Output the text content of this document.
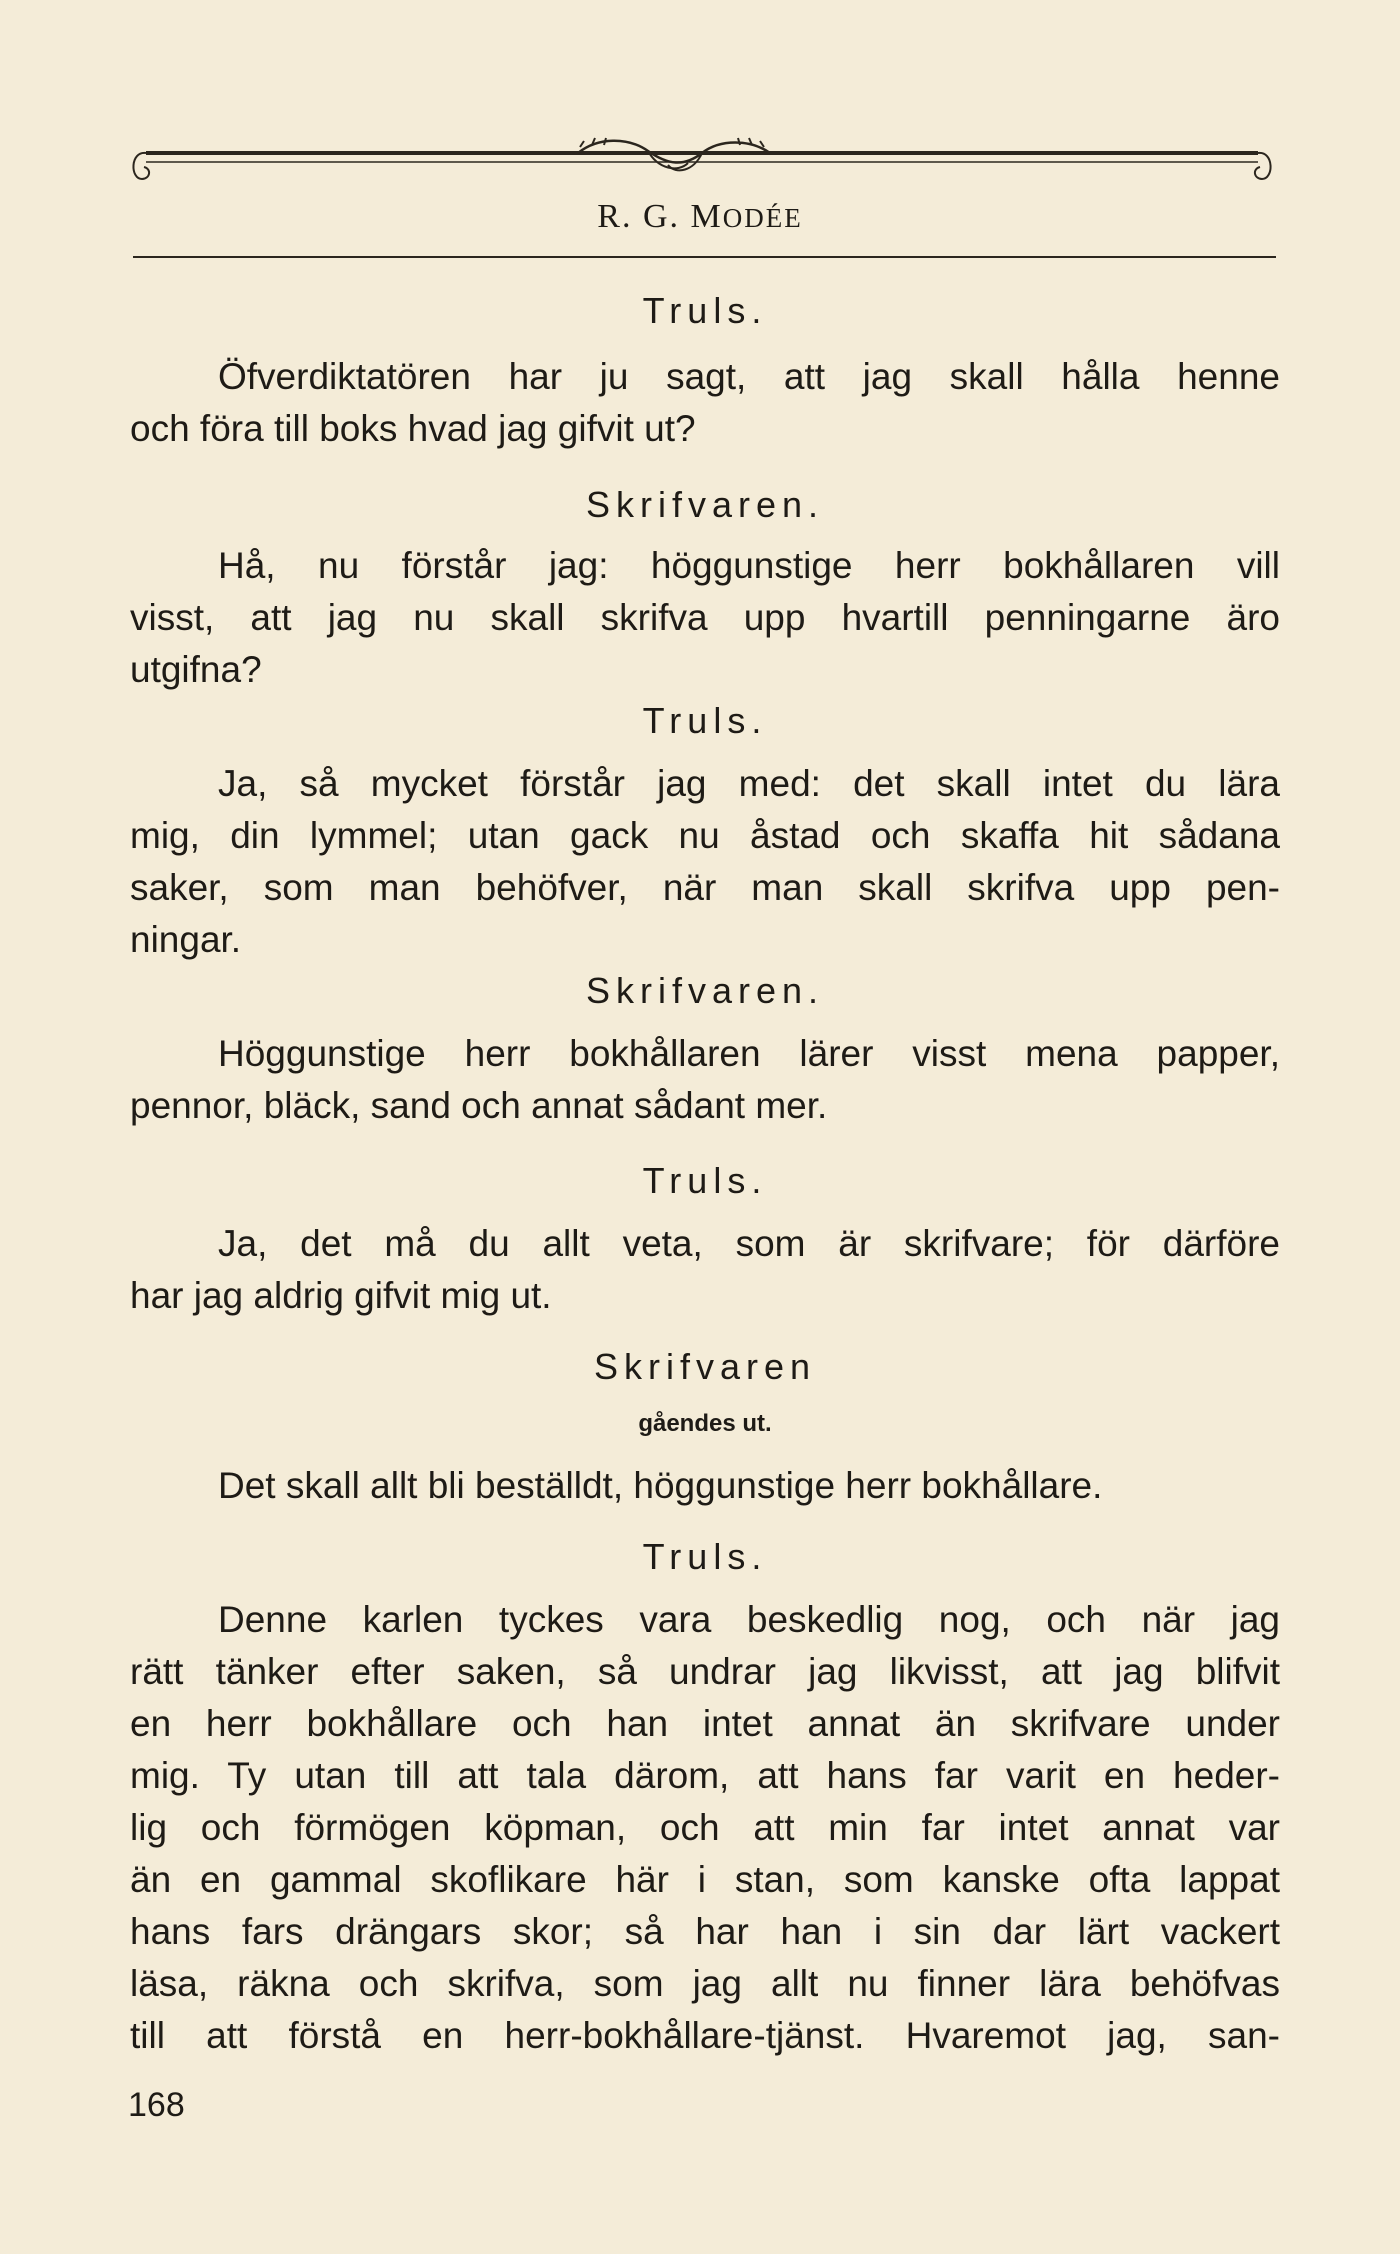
R. G. MODÉE
Truls.
Öfverdiktatören har ju sagt, att jag skall hålla henne
och föra till boks hvad jag gifvit ut?
Skrifvaren.
Hå, nu förstår jag: höggunstige herr bokhållaren vill
visst, att jag nu skall skrifva upp hvartill penningarne äro
utgifna?
Truls.
Ja, så mycket förstår jag med: det skall intet du lära
mig, din lymmel; utan gack nu åstad och skaffa hit sådana
saker, som man behöfver, när man skall skrifva upp pen-
ningar.
Skrifvaren.
Höggunstige herr bokhållaren lärer visst mena papper,
pennor, bläck, sand och annat sådant mer.
Truls.
Ja, det må du allt veta, som är skrifvare; för därföre
har jag aldrig gifvit mig ut.
Skrifvaren
gåendes ut.
Det skall allt bli beställdt, höggunstige herr bokhållare.
Truls.
Denne karlen tyckes vara beskedlig nog, och när jag
rätt tänker efter saken, så undrar jag likvisst, att jag blifvit
en herr bokhållare och han intet annat än skrifvare under
mig. Ty utan till att tala därom, att hans far varit en heder-
lig och förmögen köpman, och att min far intet annat var
än en gammal skoflikare här i stan, som kanske ofta lappat
hans fars drängars skor; så har han i sin dar lärt vackert
läsa, räkna och skrifva, som jag allt nu finner lära behöfvas
till att förstå en herr-bokhållare-tjänst. Hvaremot jag, san-
168
